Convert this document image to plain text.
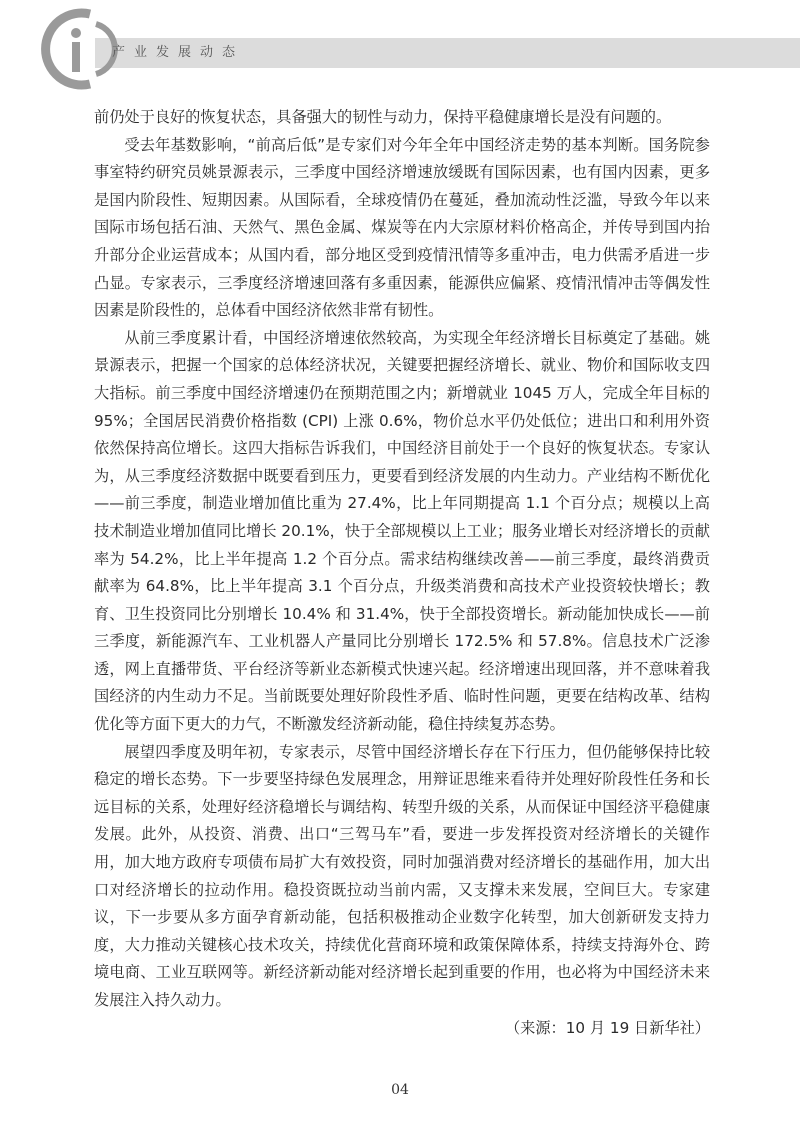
产业发展动态

前仍处于良好的恢复状态，具备强大的韧性与动力，保持平稳健康增长是没有问题的。

受去年基数影响，“前高后低”是专家们对今年全年中国经济走势的基本判断。国务院参事室特约研究员姚景源表示，三季度中国经济增速放缓既有国际因素，也有国内因素，更多是国内阶段性、短期因素。从国际看，全球疫情仍在蔓延，叠加流动性泛滥，导致今年以来国际市场包括石油、天然气、黑色金属、煤炭等在内大宗原材料价格高企，并传导到国内抬升部分企业运营成本；从国内看，部分地区受到疫情汛情等多重冲击，电力供需矛盾进一步凸显。专家表示，三季度经济增速回落有多重因素，能源供应偏紧、疫情汛情冲击等偶发性因素是阶段性的，总体看中国经济依然非常有韧性。

从前三季度累计看，中国经济增速依然较高，为实现全年经济增长目标奠定了基础。姚景源表示，把握一个国家的总体经济状况，关键要把握经济增长、就业、物价和国际收支四大指标。前三季度中国经济增速仍在预期范围之内；新增就业 1045 万人，完成全年目标的 95%；全国居民消费价格指数 (CPI) 上涨 0.6%，物价总水平仍处低位；进出口和利用外资依然保持高位增长。这四大指标告诉我们，中国经济目前处于一个良好的恢复状态。专家认为，从三季度经济数据中既要看到压力，更要看到经济发展的内生动力。产业结构不断优化——前三季度，制造业增加值比重为 27.4%，比上年同期提高 1.1 个百分点；规模以上高技术制造业增加值同比增长 20.1%，快于全部规模以上工业；服务业增长对经济增长的贡献率为 54.2%，比上半年提高 1.2 个百分点。需求结构继续改善——前三季度，最终消费贡献率为 64.8%，比上半年提高 3.1 个百分点，升级类消费和高技术产业投资较快增长；教育、卫生投资同比分别增长 10.4% 和 31.4%，快于全部投资增长。新动能加快成长——前三季度，新能源汽车、工业机器人产量同比分别增长 172.5% 和 57.8%。信息技术广泛渗透，网上直播带货、平台经济等新业态新模式快速兴起。经济增速出现回落，并不意味着我国经济的内生动力不足。当前既要处理好阶段性矛盾、临时性问题，更要在结构改革、结构优化等方面下更大的力气，不断激发经济新动能，稳住持续复苏态势。

展望四季度及明年初，专家表示，尽管中国经济增长存在下行压力，但仍能够保持比较稳定的增长态势。下一步要坚持绿色发展理念，用辩证思维来看待并处理好阶段性任务和长远目标的关系，处理好经济稳增长与调结构、转型升级的关系，从而保证中国经济平稳健康发展。此外，从投资、消费、出口“三驾马车”看，要进一步发挥投资对经济增长的关键作用，加大地方政府专项债布局扩大有效投资，同时加强消费对经济增长的基础作用，加大出口对经济增长的拉动作用。稳投资既拉动当前内需，又支撑未来发展，空间巨大。专家建议，下一步要从多方面孕育新动能，包括积极推动企业数字化转型，加大创新研发支持力度，大力推动关键核心技术攻关，持续优化营商环境和政策保障体系，持续支持海外仓、跨境电商、工业互联网等。新经济新动能对经济增长起到重要的作用，也必将为中国经济未来发展注入持久动力。

（来源：10 月 19 日新华社）

04
